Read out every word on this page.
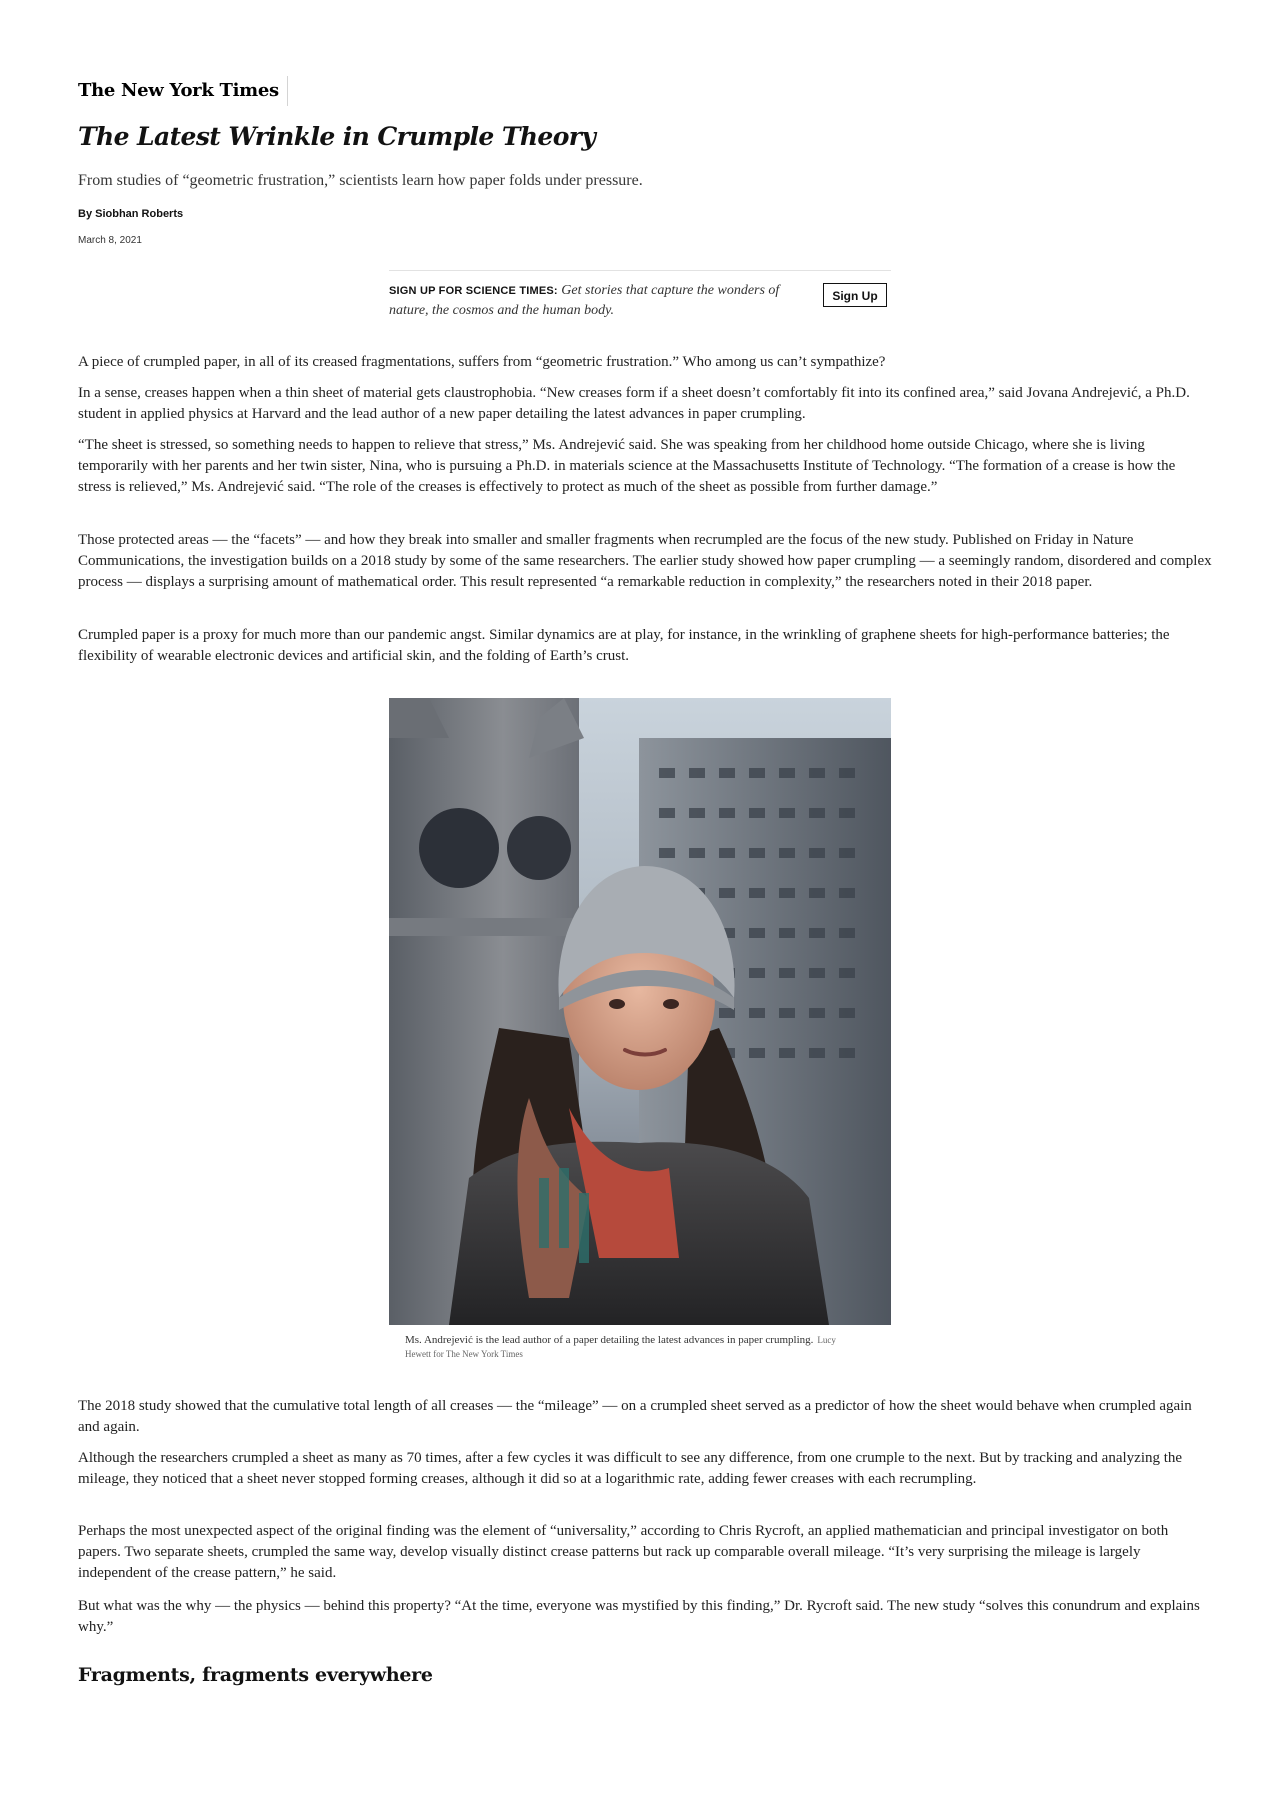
The New York Times
The Latest Wrinkle in Crumple Theory

From studies of “geometric frustration,” scientists learn how paper folds under pressure.

By Siobhan Roberts

March 8, 2021

SIGN UP FOR SCIENCE TIMES: Get stories that capture the wonders of nature, the cosmos and the human body.
Sign Up

A piece of crumpled paper, in all of its creased fragmentations, suffers from “geometric frustration.” Who among us can’t sympathize?

In a sense, creases happen when a thin sheet of material gets claustrophobia. “New creases form if a sheet doesn’t comfortably fit into its confined area,” said Jovana Andrejević, a Ph.D. student in applied physics at Harvard and the lead author of a new paper detailing the latest advances in paper crumpling.

“The sheet is stressed, so something needs to happen to relieve that stress,” Ms. Andrejević said. She was speaking from her childhood home outside Chicago, where she is living temporarily with her parents and her twin sister, Nina, who is pursuing a Ph.D. in materials science at the Massachusetts Institute of Technology. “The formation of a crease is how the stress is relieved,” Ms. Andrejević said. “The role of the creases is effectively to protect as much of the sheet as possible from further damage.”

Those protected areas — the “facets” — and how they break into smaller and smaller fragments when recrumpled are the focus of the new study. Published on Friday in Nature Communications, the investigation builds on a 2018 study by some of the same researchers. The earlier study showed how paper crumpling — a seemingly random, disordered and complex process — displays a surprising amount of mathematical order. This result represented “a remarkable reduction in complexity,” the researchers noted in their 2018 paper.

Crumpled paper is a proxy for much more than our pandemic angst. Similar dynamics are at play, for instance, in the wrinkling of graphene sheets for high-performance batteries; the flexibility of wearable electronic devices and artificial skin, and the folding of Earth’s crust.

Ms. Andrejević is the lead author of a paper detailing the latest advances in paper crumpling. Lucy Hewett for The New York Times

The 2018 study showed that the cumulative total length of all creases — the “mileage” — on a crumpled sheet served as a predictor of how the sheet would behave when crumpled again and again.

Although the researchers crumpled a sheet as many as 70 times, after a few cycles it was difficult to see any difference, from one crumple to the next. But by tracking and analyzing the mileage, they noticed that a sheet never stopped forming creases, although it did so at a logarithmic rate, adding fewer creases with each recrumpling.

Perhaps the most unexpected aspect of the original finding was the element of “universality,” according to Chris Rycroft, an applied mathematician and principal investigator on both papers. Two separate sheets, crumpled the same way, develop visually distinct crease patterns but rack up comparable overall mileage. “It’s very surprising the mileage is largely independent of the crease pattern,” he said.

But what was the why — the physics — behind this property? “At the time, everyone was mystified by this finding,” Dr. Rycroft said. The new study “solves this conundrum and explains why.”

Fragments, fragments everywhere
